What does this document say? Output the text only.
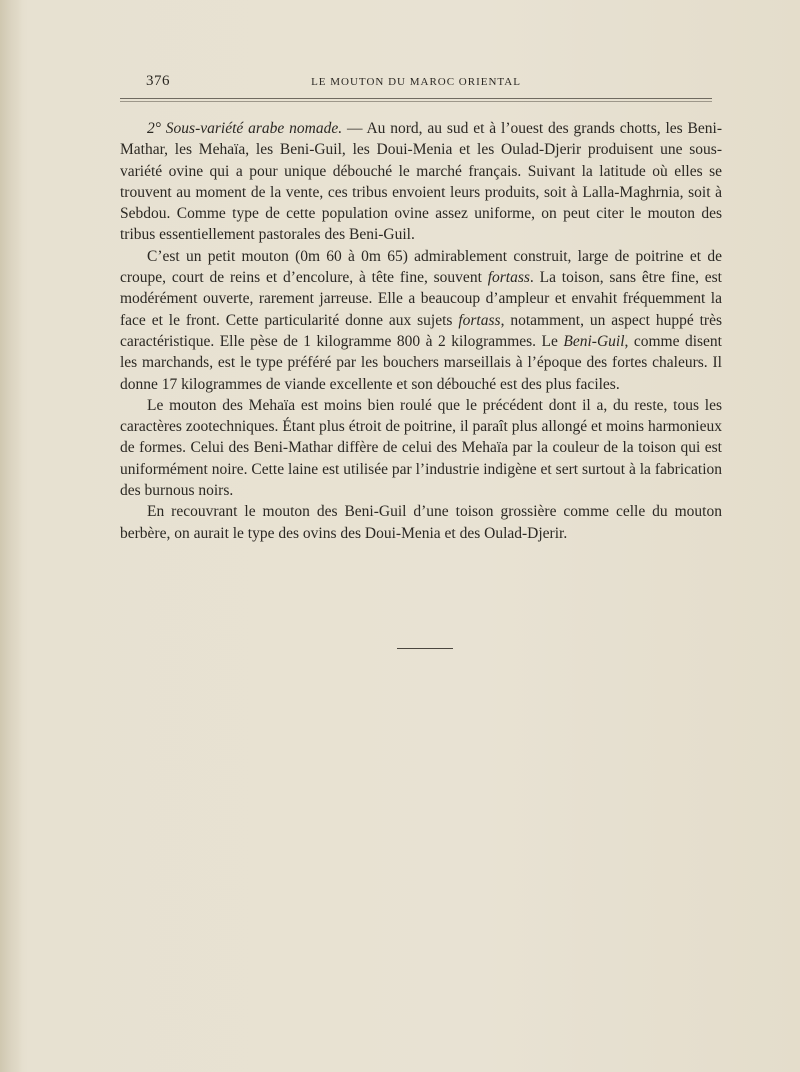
376	LE MOUTON DU MAROC ORIENTAL

2° Sous-variété arabe nomade. — Au nord, au sud et à l’ouest des grands chotts, les Beni-Mathar, les Mehaïa, les Beni-Guil, les Doui-Menia et les Oulad-Djerir produisent une sous-variété ovine qui a pour unique débouché le marché français. Suivant la latitude où elles se trouvent au moment de la vente, ces tribus envoient leurs produits, soit à Lalla-Maghrnia, soit à Sebdou. Comme type de cette population ovine assez uniforme, on peut citer le mouton des tribus essentiellement pastorales des Beni-Guil.

C’est un petit mouton (0m 60 à 0m 65) admirablement construit, large de poitrine et de croupe, court de reins et d’encolure, à tête fine, souvent fortass. La toison, sans être fine, est modérément ouverte, rarement jarreuse. Elle a beaucoup d’ampleur et envahit fréquemment la face et le front. Cette particularité donne aux sujets fortass, notamment, un aspect huppé très caractéristique. Elle pèse de 1 kilogramme 800 à 2 kilogrammes. Le Beni-Guil, comme disent les marchands, est le type préféré par les bouchers marseillais à l’époque des fortes chaleurs. Il donne 17 kilogrammes de viande excellente et son débouché est des plus faciles.

Le mouton des Mehaïa est moins bien roulé que le précédent dont il a, du reste, tous les caractères zootechniques. Étant plus étroit de poitrine, il paraît plus allongé et moins harmonieux de formes. Celui des Beni-Mathar diffère de celui des Mehaïa par la couleur de la toison qui est uniformément noire. Cette laine est utilisée par l’industrie indigène et sert surtout à la fabrication des burnous noirs.

En recouvrant le mouton des Beni-Guil d’une toison grossière comme celle du mouton berbère, on aurait le type des ovins des Doui-Menia et des Oulad-Djerir.
